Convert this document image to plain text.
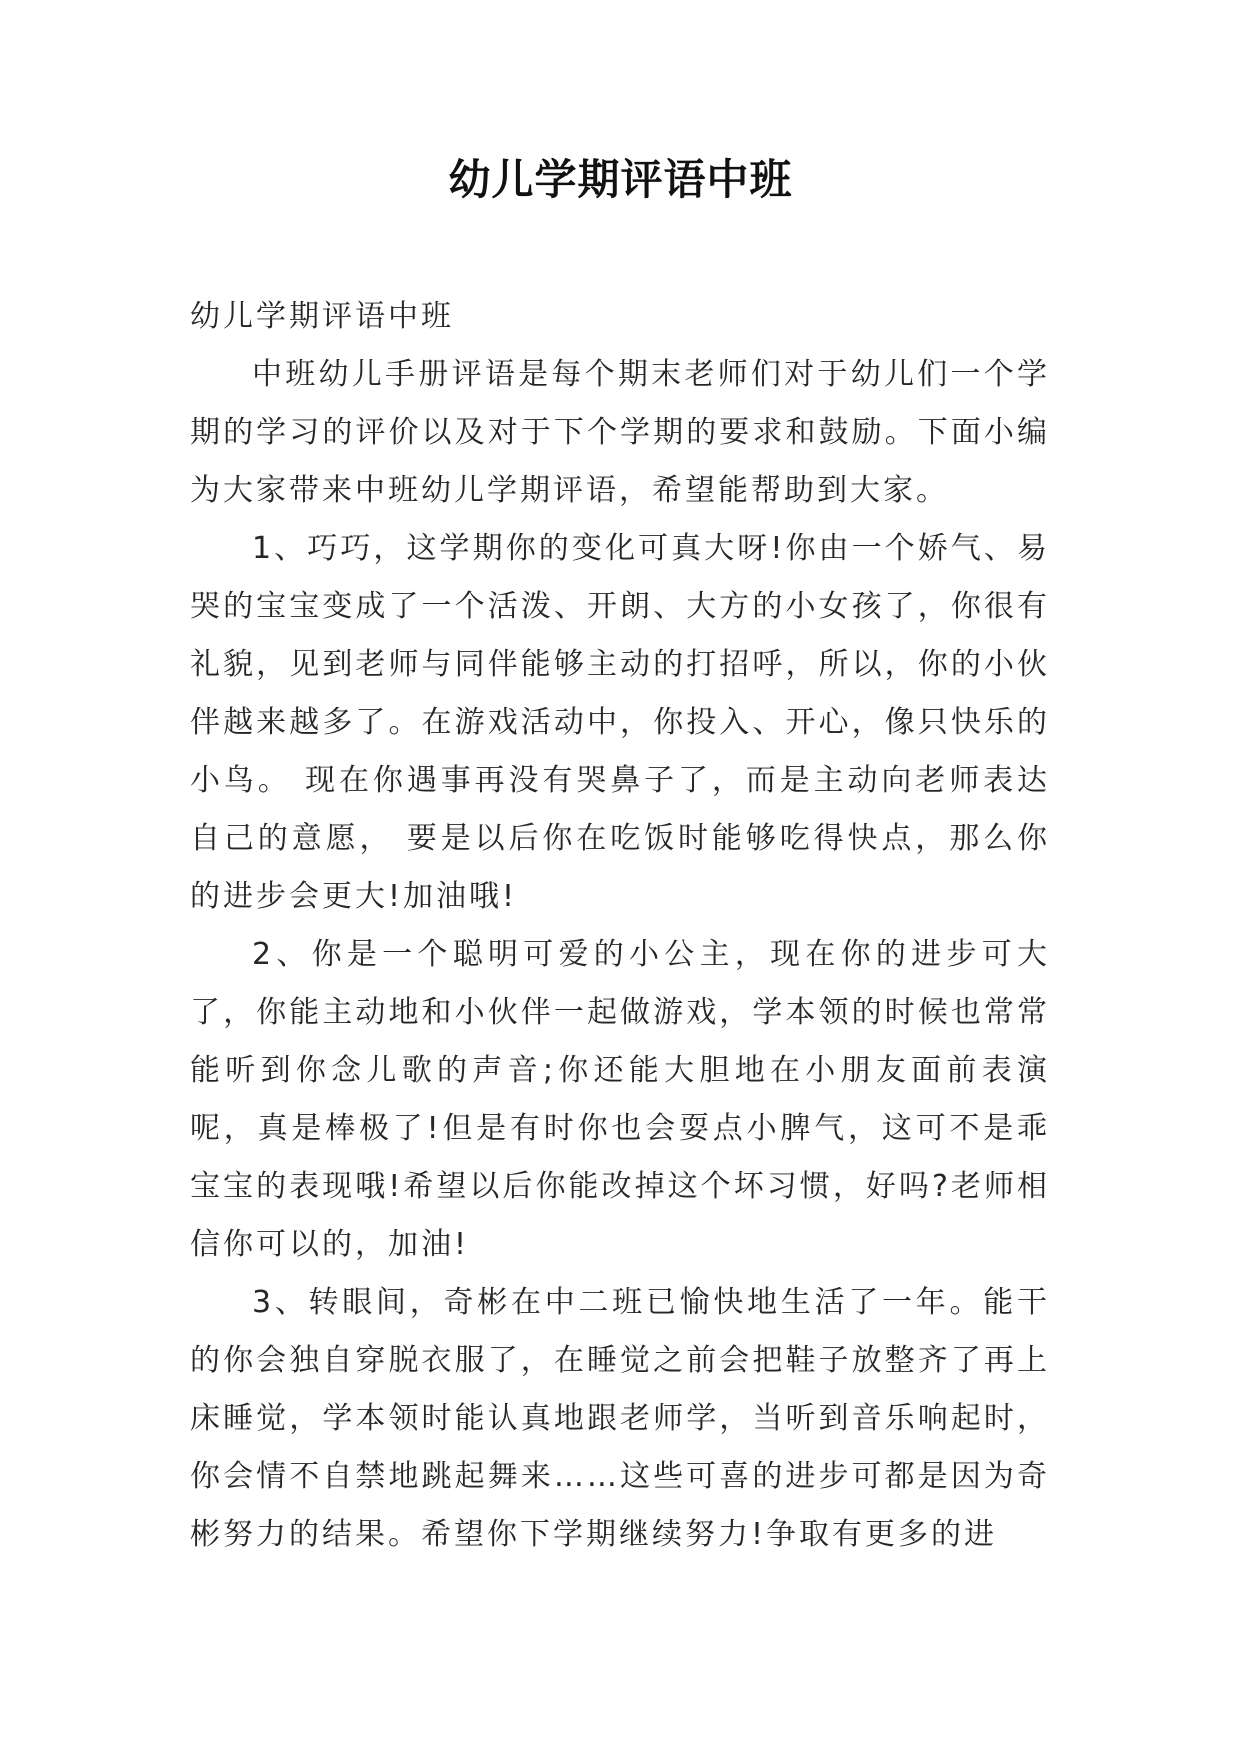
幼儿学期评语中班

幼儿学期评语中班

中班幼儿手册评语是每个期末老师们对于幼儿们一个学期的学习的评价以及对于下个学期的要求和鼓励。下面小编为大家带来中班幼儿学期评语，希望能帮助到大家。

1、巧巧，这学期你的变化可真大呀!你由一个娇气、易哭的宝宝变成了一个活泼、开朗、大方的小女孩了，你很有礼貌，见到老师与同伴能够主动的打招呼，所以，你的小伙伴越来越多了。在游戏活动中，你投入、开心，像只快乐的小鸟。 现在你遇事再没有哭鼻子了，而是主动向老师表达自己的意愿， 要是以后你在吃饭时能够吃得快点，那么你的进步会更大!加油哦!

2、你是一个聪明可爱的小公主，现在你的进步可大了，你能主动地和小伙伴一起做游戏，学本领的时候也常常能听到你念儿歌的声音;你还能大胆地在小朋友面前表演呢，真是棒极了!但是有时你也会耍点小脾气，这可不是乖宝宝的表现哦!希望以后你能改掉这个坏习惯，好吗?老师相信你可以的，加油!

3、转眼间，奇彬在中二班已愉快地生活了一年。能干的你会独自穿脱衣服了，在睡觉之前会把鞋子放整齐了再上床睡觉，学本领时能认真地跟老师学，当听到音乐响起时，你会情不自禁地跳起舞来……这些可喜的进步可都是因为奇彬努力的结果。希望你下学期继续努力!争取有更多的进
